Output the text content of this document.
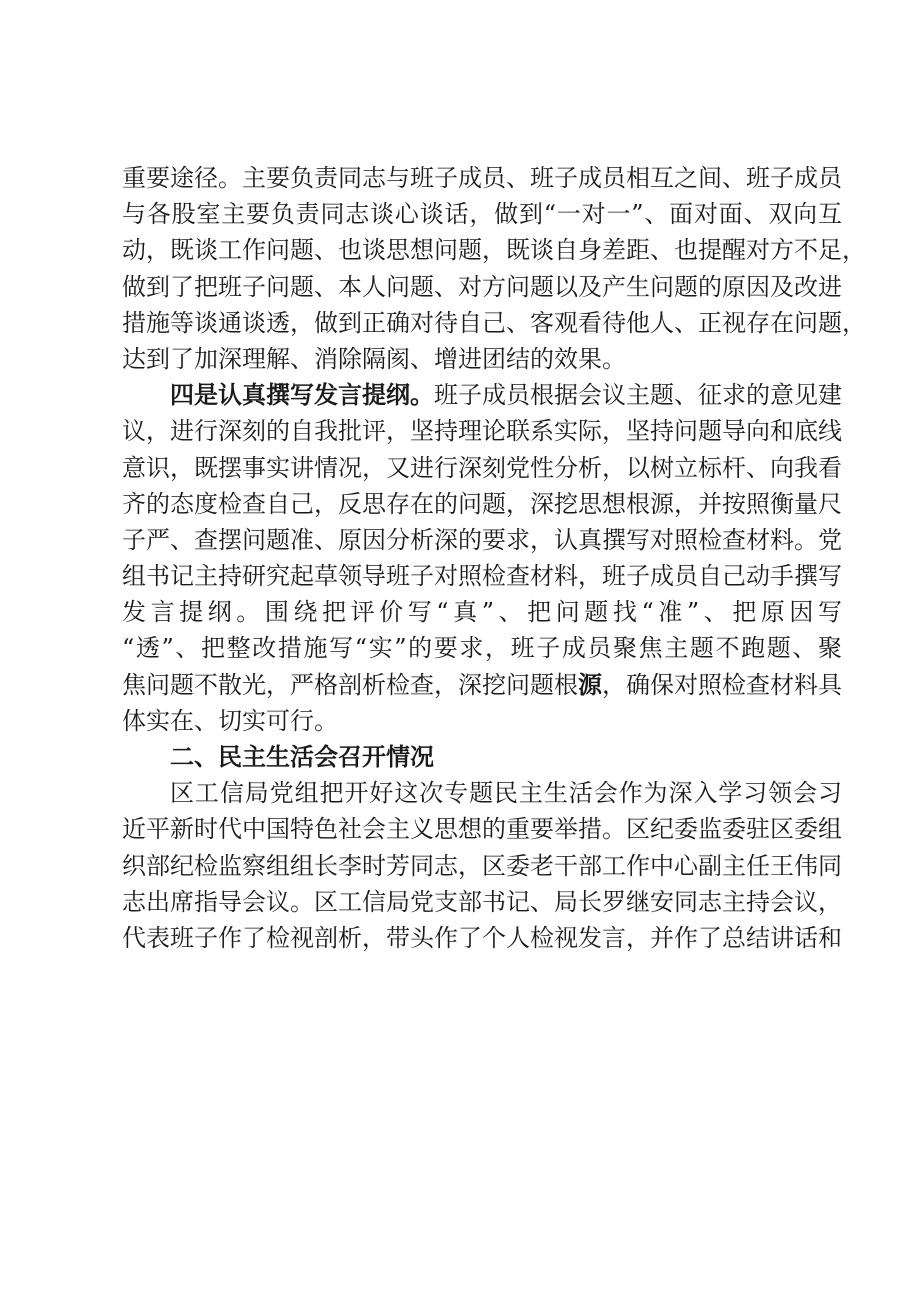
重要途径。主要负责同志与班子成员、班子成员相互之间、班子成员
与各股室主要负责同志谈心谈话，做到“一对一”、面对面、双向互
动，既谈工作问题、也谈思想问题，既谈自身差距、也提醒对方不足，
做到了把班子问题、本人问题、对方问题以及产生问题的原因及改进
措施等谈通谈透，做到正确对待自己、客观看待他人、正视存在问题，
达到了加深理解、消除隔阂、增进团结的效果。
四是认真撰写发言提纲。班子成员根据会议主题、征求的意见建
议，进行深刻的自我批评，坚持理论联系实际，坚持问题导向和底线
意识，既摆事实讲情况，又进行深刻党性分析，以树立标杆、向我看
齐的态度检查自己，反思存在的问题，深挖思想根源，并按照衡量尺
子严、查摆问题准、原因分析深的要求，认真撰写对照检查材料。党
组书记主持研究起草领导班子对照检查材料，班子成员自己动手撰写
发言提纲。围绕把评价写“真”、把问题找“准”、把原因写
“透”、把整改措施写“实”的要求，班子成员聚焦主题不跑题、聚
焦问题不散光，严格剖析检查，深挖问题根源，确保对照检查材料具
体实在、切实可行。
二、民主生活会召开情况
区工信局党组把开好这次专题民主生活会作为深入学习领会习
近平新时代中国特色社会主义思想的重要举措。区纪委监委驻区委组
织部纪检监察组组长李时芳同志，区委老干部工作中心副主任王伟同
志出席指导会议。区工信局党支部书记、局长罗继安同志主持会议，
代表班子作了检视剖析，带头作了个人检视发言，并作了总结讲话和
